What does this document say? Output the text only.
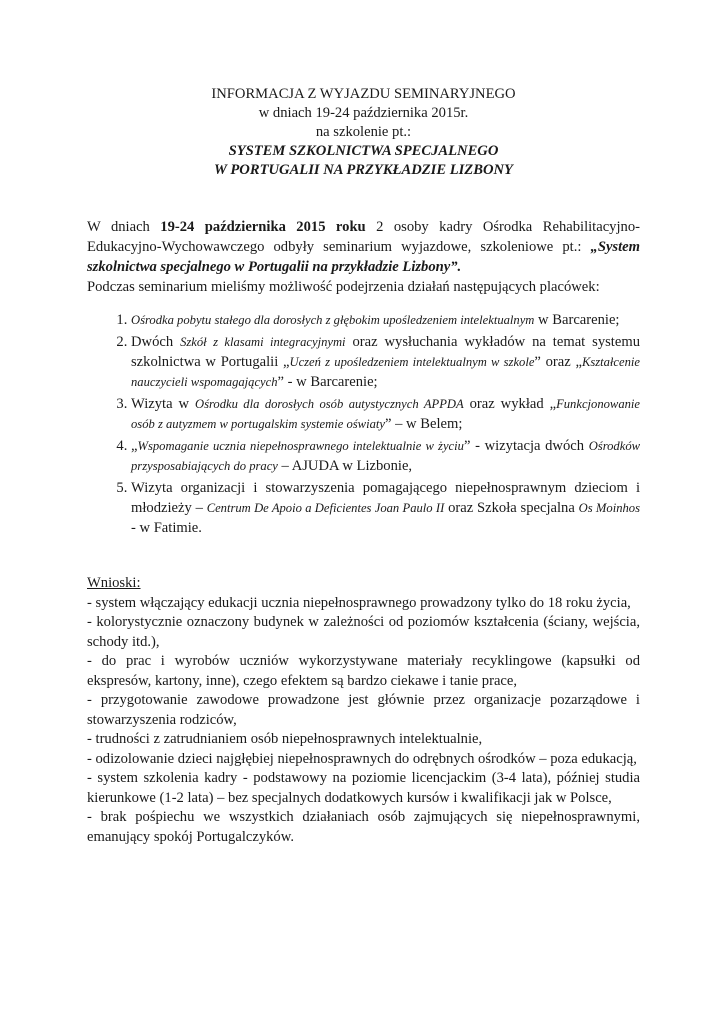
INFORMACJA Z WYJAZDU SEMINARYJNEGO

w dniach 19-24 października 2015r.

na szkolenie pt.:

SYSTEM SZKOLNICTWA SPECJALNEGO

W PORTUGALII NA PRZYKŁADZIE LIZBONY

W dniach 19-24 października 2015 roku 2 osoby kadry Ośrodka Rehabilitacyjno-Edukacyjno-Wychowawczego odbyły seminarium wyjazdowe, szkoleniowe pt.: „System szkolnictwa specjalnego w Portugalii na przykładzie Lizbony”.

Podczas seminarium mieliśmy możliwość podejrzenia działań następujących placówek:

1. Ośrodka pobytu stałego dla dorosłych z głębokim upośledzeniem intelektualnym w Barcarenie;
2. Dwóch Szkół z klasami integracyjnymi oraz wysłuchania wykładów na temat systemu szkolnictwa w Portugalii „Uczeń z upośledzeniem intelektualnym w szkole” oraz „Kształcenie nauczycieli wspomagających” - w Barcarenie;
3. Wizyta w Ośrodku dla dorosłych osób autystycznych APPDA oraz wykład „Funkcjonowanie osób z autyzmem w portugalskim systemie oświaty” – w Belem;
4. „Wspomaganie ucznia niepełnosprawnego intelektualnie w życiu” - wizytacja dwóch Ośrodków przysposabiających do pracy – AJUDA w Lizbonie,
5. Wizyta organizacji i stowarzyszenia pomagającego niepełnosprawnym dzieciom i młodzieży – Centrum De Apoio a Deficientes Joan Paulo II oraz Szkoła specjalna Os Moinhos - w Fatimie.

Wnioski:

- system włączający edukacji ucznia niepełnosprawnego prowadzony tylko do 18 roku życia,

- kolorystycznie oznaczony budynek w zależności od poziomów kształcenia (ściany, wejścia, schody itd.),

- do prac i wyrobów uczniów wykorzystywane materiały recyklingowe (kapsułki od ekspresów, kartony, inne), czego efektem są bardzo ciekawe i tanie prace,

- przygotowanie zawodowe prowadzone jest głównie przez organizacje pozarządowe i stowarzyszenia rodziców,

- trudności z zatrudnianiem osób niepełnosprawnych intelektualnie,

- odizolowanie dzieci najgłębiej niepełnosprawnych do odrębnych ośrodków – poza edukacją,

- system szkolenia kadry - podstawowy na poziomie licencjackim (3-4 lata), później studia kierunkowe (1-2 lata) – bez specjalnych dodatkowych kursów i kwalifikacji jak w Polsce,

- brak pośpiechu we wszystkich działaniach osób zajmujących się niepełnosprawnymi, emanujący spokój Portugalczyków.
